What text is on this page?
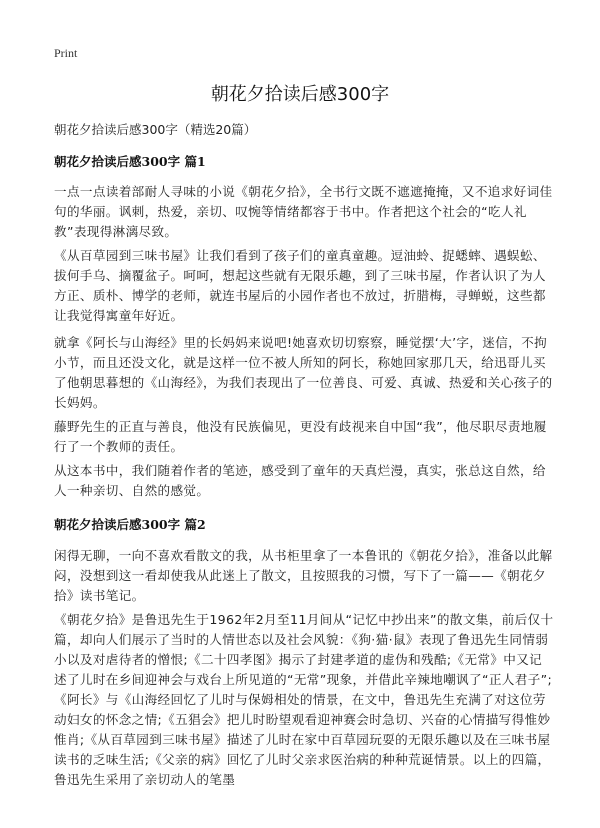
Print
朝花夕拾读后感300字

朝花夕拾读后感300字（精选20篇）

朝花夕拾读后感300字 篇1

一点一点读着部耐人寻味的小说《朝花夕拾》，全书行文既不遮遮掩掩，又不追求好词佳句的华丽。讽刺，热爱，亲切、叹惋等情绪都容于书中。作者把这个社会的“吃人礼教”表现得淋漓尽致。

《从百草园到三味书屋》让我们看到了孩子们的童真童趣。逗油蛉、捉蟋蟀、遇蜈蚣、拔何手乌、摘覆盆子。呵呵，想起这些就有无限乐趣，到了三味书屋，作者认识了为人方正、质朴、博学的老师，就连书屋后的小园作者也不放过，折腊梅，寻蝉蜕，这些都让我觉得寓童年好近。

就拿《阿长与山海经》里的长妈妈来说吧!她喜欢切切察察，睡觉摆‘大’字，迷信，不拘小节，而且还没文化，就是这样一位不被人所知的阿长，称她回家那几天，给迅哥儿买了他朝思暮想的《山海经》，为我们表现出了一位善良、可爱、真诚、热爱和关心孩子的长妈妈。

藤野先生的正直与善良，他没有民族偏见，更没有歧视来自中国“我”，他尽职尽责地履行了一个教师的责任。

从这本书中，我们随着作者的笔迹，感受到了童年的天真烂漫，真实，张总这自然，给人一种亲切、自然的感觉。

朝花夕拾读后感300字 篇2

闲得无聊，一向不喜欢看散文的我，从书柜里拿了一本鲁讯的《朝花夕拾》，准备以此解闷，没想到这一看却使我从此迷上了散文，且按照我的习惯，写下了一篇——《朝花夕拾》读书笔记。

《朝花夕拾》是鲁迅先生于1962年2月至11月间从“记忆中抄出来”的散文集，前后仅十篇，却向人们展示了当时的人情世态以及社会风貌：《狗·猫·鼠》表现了鲁迅先生同情弱小以及对虐待者的憎恨;《二十四孝图》揭示了封建孝道的虚伪和残酷;《无常》中又记述了儿时在乡间迎神会与戏台上所见道的“无常”现象，并借此辛辣地嘲讽了“正人君子”;《阿长》与《山海经回忆了儿时与保姆相处的情景，在文中，鲁迅先生充满了对这位劳动妇女的怀念之情;《五猖会》把儿时盼望观看迎神赛会时急切、兴奋的心情描写得惟妙惟肖;《从百草园到三味书屋》描述了儿时在家中百草园玩耍的无限乐趣以及在三味书屋读书的乏味生活;《父亲的病》回忆了儿时父亲求医治病的种种荒诞情景。以上的四篇，鲁迅先生采用了亲切动人的笔墨
